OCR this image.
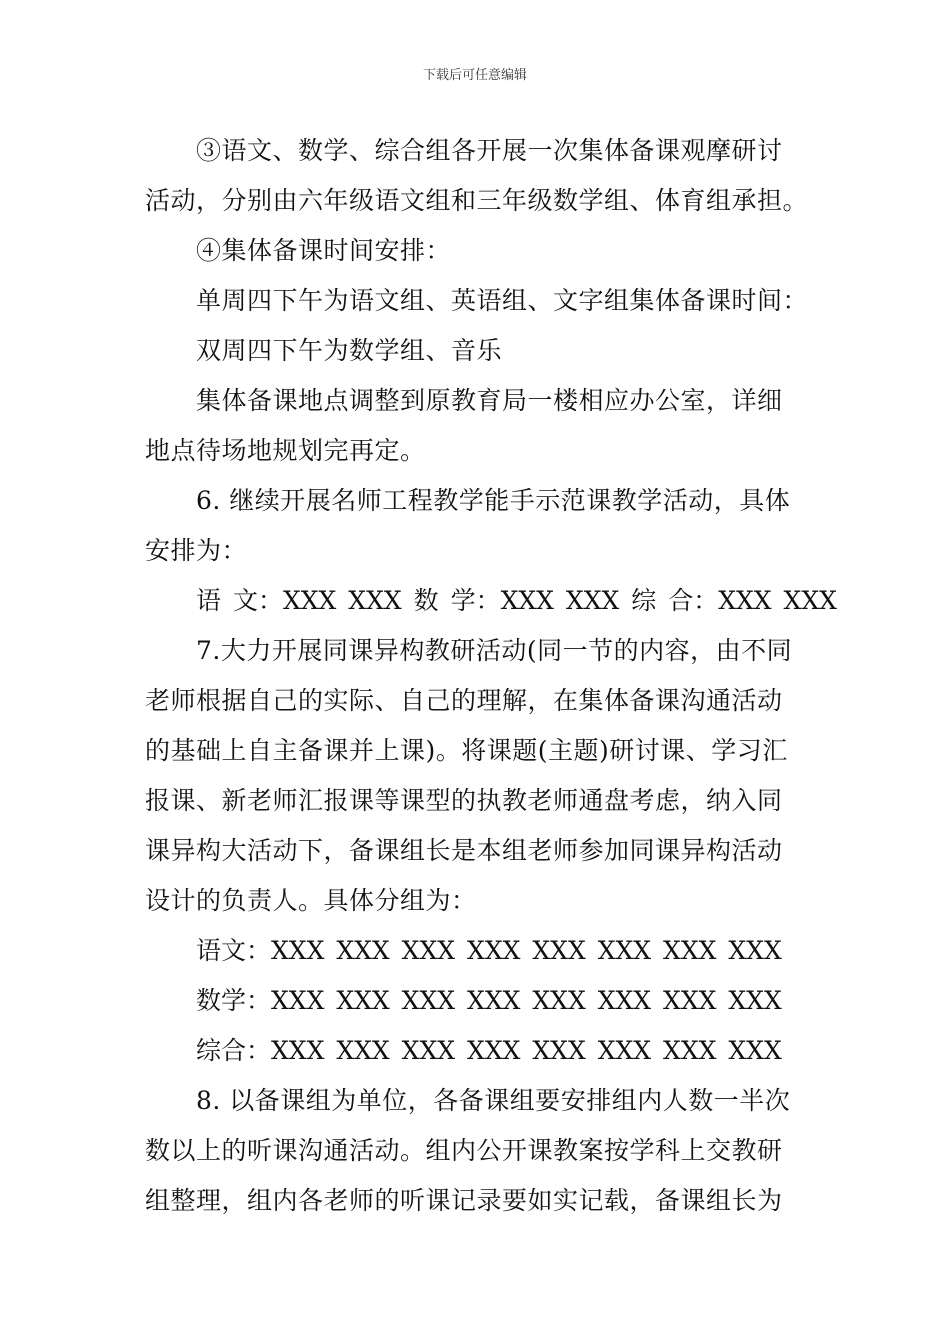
下载后可任意编辑
③语文、数学、综合组各开展一次集体备课观摩研讨
活动，分别由六年级语文组和三年级数学组、体育组承担。
④集体备课时间安排：
单周四下午为语文组、英语组、文字组集体备课时间：
双周四下午为数学组、音乐
集体备课地点调整到原教育局一楼相应办公室，详细
地点待场地规划完再定。
6. 继续开展名师工程教学能手示范课教学活动，具体
安排为：
语 文：XXX XXX 数 学：XXX XXX 综 合：XXX XXX
7.大力开展同课异构教研活动(同一节的内容，由不同
老师根据自己的实际、自己的理解，在集体备课沟通活动
的基础上自主备课并上课)。将课题(主题)研讨课、学习汇
报课、新老师汇报课等课型的执教老师通盘考虑，纳入同
课异构大活动下，备课组长是本组老师参加同课异构活动
设计的负责人。具体分组为：
语文：XXX XXX XXX XXX XXX XXX XXX XXX
数学：XXX XXX XXX XXX XXX XXX XXX XXX
综合：XXX XXX XXX XXX XXX XXX XXX XXX
8. 以备课组为单位，各备课组要安排组内人数一半次
数以上的听课沟通活动。组内公开课教案按学科上交教研
组整理，组内各老师的听课记录要如实记载，备课组长为
